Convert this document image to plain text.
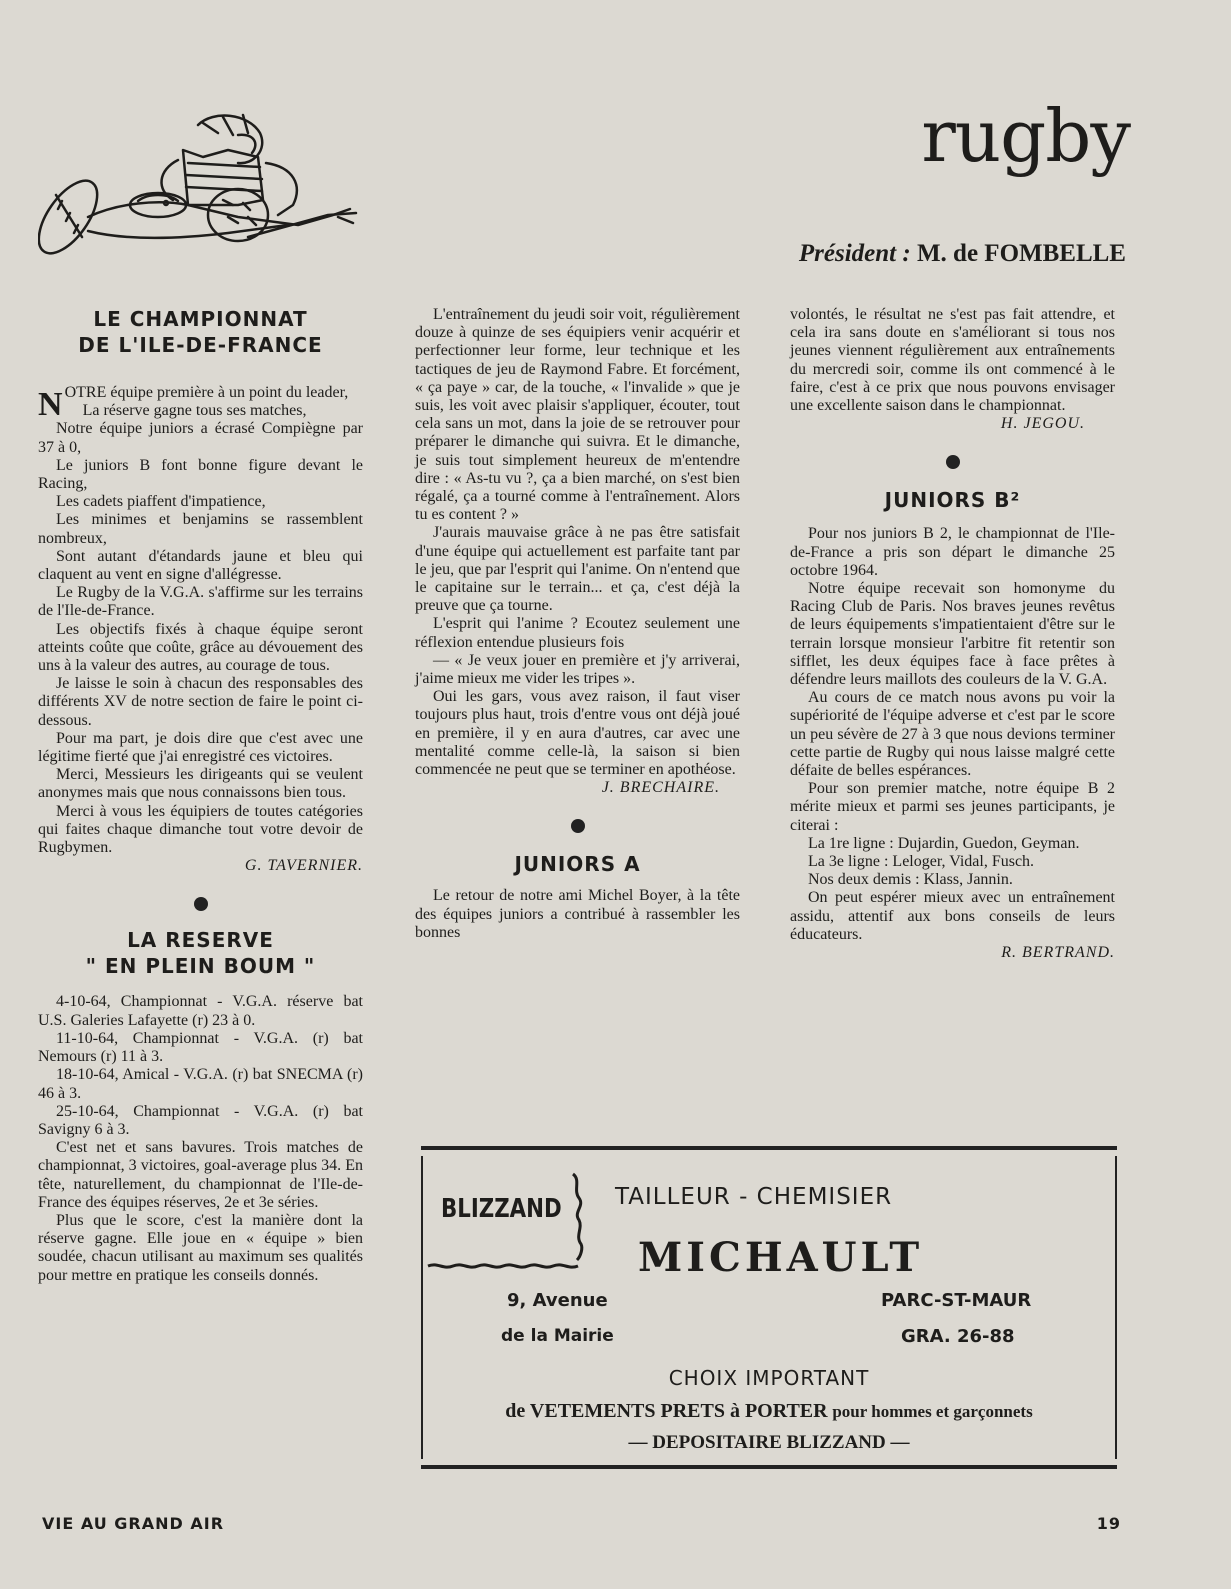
rugby
Président : M. de FOMBELLE
LE CHAMPIONNAT
DE L'ILE-DE-FRANCE

NOTRE équipe première à un point du leader,

La réserve gagne tous ses matches,

Notre équipe juniors a écrasé Compiègne par 37 à 0,

Le juniors B font bonne figure devant le Racing,

Les cadets piaffent d'impatience,

Les minimes et benjamins se rassemblent nombreux,

Sont autant d'étandards jaune et bleu qui claquent au vent en signe d'allégresse.

Le Rugby de la V.G.A. s'affirme sur les terrains de l'Ile-de-France.

Les objectifs fixés à chaque équipe seront atteints coûte que coûte, grâce au dévouement des uns à la valeur des autres, au courage de tous.

Je laisse le soin à chacun des responsables des différents XV de notre section de faire le point ci-dessous.

Pour ma part, je dois dire que c'est avec une légitime fierté que j'ai enregistré ces victoires.

Merci, Messieurs les dirigeants qui se veulent anonymes mais que nous connaissons bien tous.

Merci à vous les équipiers de toutes catégories qui faites chaque dimanche tout votre devoir de Rugbymen.

G. TAVERNIER.

LA RESERVE
" EN PLEIN BOUM "

4-10-64, Championnat - V.G.A. réserve bat U.S. Galeries Lafayette (r) 23 à 0.

11-10-64, Championnat - V.G.A. (r) bat Nemours (r) 11 à 3.

18-10-64, Amical - V.G.A. (r) bat SNECMA (r) 46 à 3.

25-10-64, Championnat - V.G.A. (r) bat Savigny 6 à 3.

C'est net et sans bavures. Trois matches de championnat, 3 victoires, goal-average plus 34. En tête, naturellement, du championnat de l'Ile-de-France des équipes réserves, 2e et 3e séries.

Plus que le score, c'est la manière dont la réserve gagne. Elle joue en « équipe » bien soudée, chacun utilisant au maximum ses qualités pour mettre en pratique les conseils donnés.

L'entraînement du jeudi soir voit, régulièrement douze à quinze de ses équipiers venir acquérir et perfectionner leur forme, leur technique et les tactiques de jeu de Raymond Fabre. Et forcément, « ça paye » car, de la touche, « l'invalide » que je suis, les voit avec plaisir s'appliquer, écouter, tout cela sans un mot, dans la joie de se retrouver pour préparer le dimanche qui suivra. Et le dimanche, je suis tout simplement heureux de m'entendre dire : « As-tu vu ?, ça a bien marché, on s'est bien régalé, ça a tourné comme à l'entraînement. Alors tu es content ? »

J'aurais mauvaise grâce à ne pas être satisfait d'une équipe qui actuellement est parfaite tant par le jeu, que par l'esprit qui l'anime. On n'entend que le capitaine sur le terrain... et ça, c'est déjà la preuve que ça tourne.

L'esprit qui l'anime ? Ecoutez seulement une réflexion entendue plusieurs fois

— « Je veux jouer en première et j'y arriverai, j'aime mieux me vider les tripes ».

Oui les gars, vous avez raison, il faut viser toujours plus haut, trois d'entre vous ont déjà joué en première, il y en aura d'autres, car avec une mentalité comme celle-là, la saison si bien commencée ne peut que se terminer en apothéose.

J. BRECHAIRE.

JUNIORS A

Le retour de notre ami Michel Boyer, à la tête des équipes juniors a contribué à rassembler les bonnes

volontés, le résultat ne s'est pas fait attendre, et cela ira sans doute en s'améliorant si tous nos jeunes viennent régulièrement aux entraînements du mercredi soir, comme ils ont commencé à le faire, c'est à ce prix que nous pouvons envisager une excellente saison dans le championnat.

H. JEGOU.

JUNIORS B²

Pour nos juniors B 2, le championnat de l'Ile-de-France a pris son départ le dimanche 25 octobre 1964.

Notre équipe recevait son homonyme du Racing Club de Paris. Nos braves jeunes revêtus de leurs équipements s'impatientaient d'être sur le terrain lorsque monsieur l'arbitre fit retentir son sifflet, les deux équipes face à face prêtes à défendre leurs maillots des couleurs de la V. G.A.

Au cours de ce match nous avons pu voir la supériorité de l'équipe adverse et c'est par le score un peu sévère de 27 à 3 que nous devions terminer cette partie de Rugby qui nous laisse malgré cette défaite de belles espérances.

Pour son premier matche, notre équipe B 2 mérite mieux et parmi ses jeunes participants, je citerai :

La 1re ligne : Dujardin, Guedon, Geyman.

La 3e ligne : Leloger, Vidal, Fusch.

Nos deux demis : Klass, Jannin.

On peut espérer mieux avec un entraînement assidu, attentif aux bons conseils de leurs éducateurs.

R. BERTRAND.

BLIZZAND TAILLEUR - CHEMISIER
MICHAULT
9, Avenue
de la Mairie
PARC-ST-MAUR
GRA. 26-88
CHOIX IMPORTANT
de VETEMENTS PRETS à PORTER pour hommes et garçonnets
— DEPOSITAIRE BLIZZAND —
VIE AU GRAND AIR	19
